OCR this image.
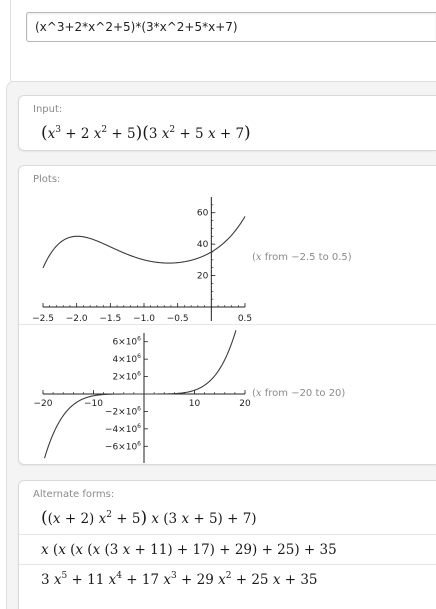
(x^3+2*x^2+5)*(3*x^2+5*x+7)
Input:
($x^3 + 2$ $x^2 + 5)(3$ $x^2 + 5$ x + 7)
Plots:
−2.5 −2.0 −1.5 −1.0 −0.5	0.5
20
40
60
(x from −2.5 to 0.5)
−20	−10	10	20
$-6\times 10^6$
$-4\times 10^6$
$-2\times 10^6$
$2\times 10^6$
$4\times 10^6$
$6\times 10^6$
(x from −20 to 20)
Alternate forms:
((x + 2) $x^2 + 5$) x (3 x + 5) + 7)
x (x (x (x (3 x + 11) + 17) + 29) + 25) + 35
3 $x^5 + 11$ $x^4 + 17$ $x^3 + 29$ $x^2 + 25$ x + 35
